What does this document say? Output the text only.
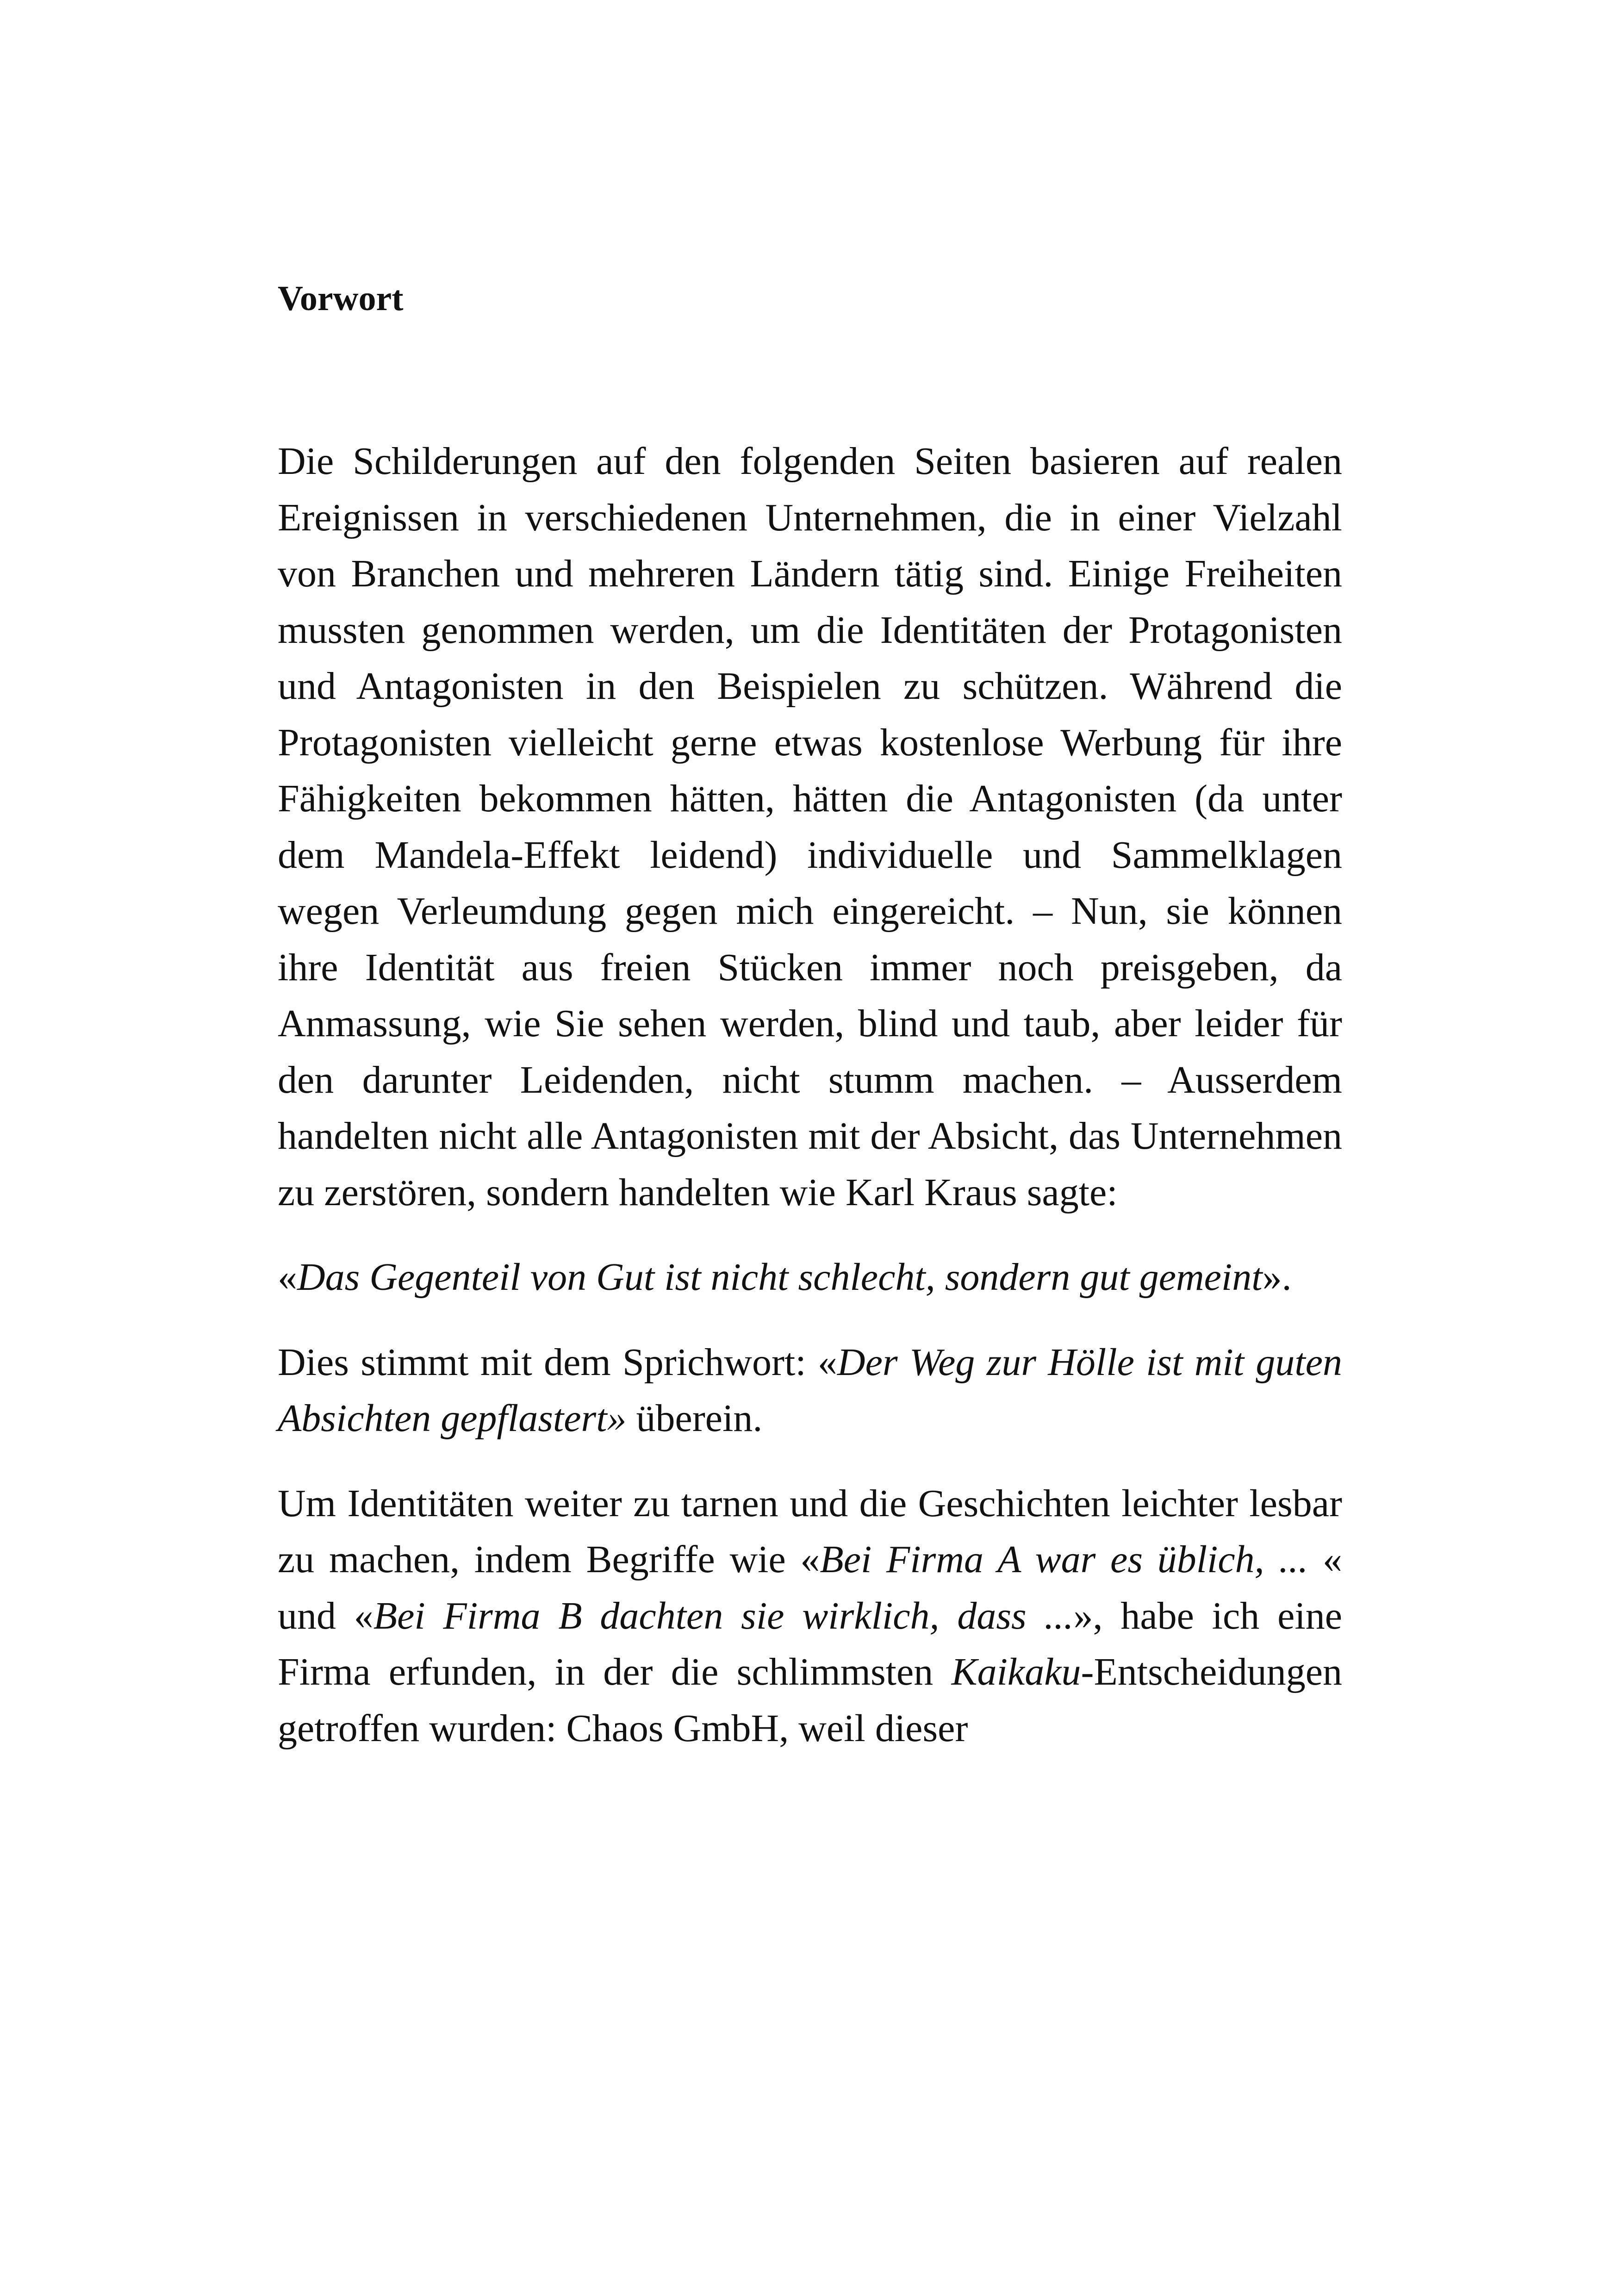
Vorwort

Die Schilderungen auf den folgenden Seiten basieren auf realen Ereignissen in verschiedenen Unternehmen, die in einer Vielzahl von Branchen und mehreren Ländern tätig sind. Einige Freiheiten mussten genommen werden, um die Identitäten der Protagonisten und Antagonisten in den Beispielen zu schützen. Während die Protagonisten vielleicht gerne etwas kostenlose Werbung für ihre Fähigkeiten bekommen hätten, hätten die Antagonisten (da unter dem Mandela-Effekt leidend) individuelle und Sammelklagen wegen Verleumdung gegen mich eingereicht. – Nun, sie können ihre Identität aus freien Stücken immer noch preisgeben, da Anmassung, wie Sie sehen werden, blind und taub, aber leider für den darunter Leidenden, nicht stumm machen. – Ausserdem handelten nicht alle Antagonisten mit der Absicht, das Unternehmen zu zerstören, sondern handelten wie Karl Kraus sagte:

«Das Gegenteil von Gut ist nicht schlecht, sondern gut gemeint».

Dies stimmt mit dem Sprichwort: «Der Weg zur Hölle ist mit guten Absichten gepflastert» überein.

Um Identitäten weiter zu tarnen und die Geschichten leichter lesbar zu machen, indem Begriffe wie «Bei Firma A war es üblich, ... « und «Bei Firma B dachten sie wirklich, dass ...», habe ich eine Firma erfunden, in der die schlimmsten Kaikaku-Entscheidungen getroffen wurden: Chaos GmbH, weil dieser
